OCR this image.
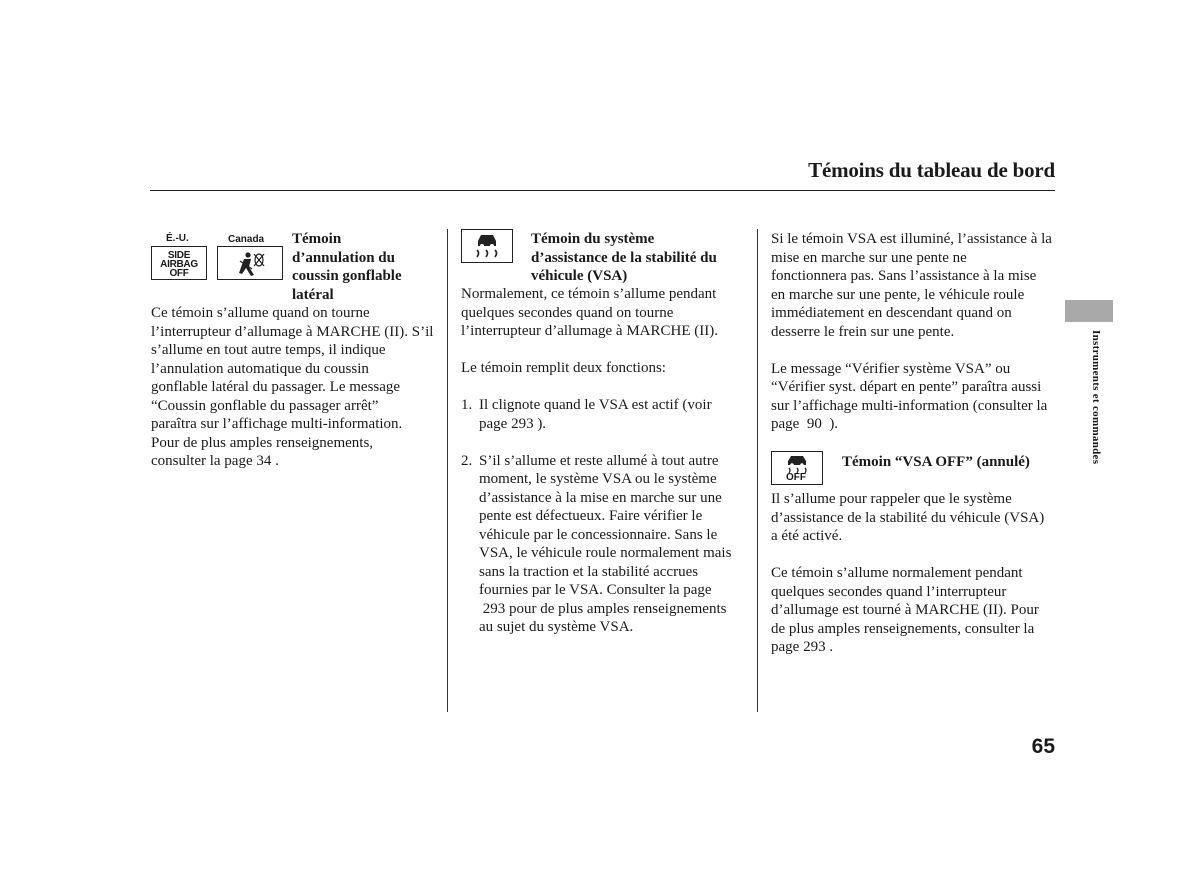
Témoins du tableau de bord
Instruments et commandes
É.-U.	Canada
SIDE
AIRBAG
OFF
Témoin
d’annulation du
coussin gonflable
latéral

Ce témoin s’allume quand on tourne

l’interrupteur d’allumage à MARCHE (II). S’il

s’allume en tout autre temps, il indique

l’annulation automatique du coussin

gonflable latéral du passager. Le message

“Coussin gonflable du passager arrêt”

paraîtra sur l’affichage multi-information.

Pour de plus amples renseignements,

consulter la page 34 .

Témoin du système
d’assistance de la stabilité du
véhicule (VSA)

Normalement, ce témoin s’allume pendant

quelques secondes quand on tourne

l’interrupteur d’allumage à MARCHE (II).

Le témoin remplit deux fonctions:

1. Il clignote quand le VSA est actif (voir

page 293 ).

2. S’il s’allume et reste allumé à tout autre

moment, le système VSA ou le système

d’assistance à la mise en marche sur une

pente est défectueux. Faire vérifier le

véhicule par le concessionnaire. Sans le

VSA, le véhicule roule normalement mais

sans la traction et la stabilité accrues

fournies par le VSA. Consulter la page

293 pour de plus amples renseignements

au sujet du système VSA.

Si le témoin VSA est illuminé, l’assistance à la

mise en marche sur une pente ne

fonctionnera pas. Sans l’assistance à la mise

en marche sur une pente, le véhicule roule

immédiatement en descendant quand on

desserre le frein sur une pente.

Le message “Vérifier système VSA” ou

“Vérifier syst. départ en pente” paraîtra aussi

sur l’affichage multi-information (consulter la

page  90  ).

OFF
Témoin “VSA OFF” (annulé)

Il s’allume pour rappeler que le système

d’assistance de la stabilité du véhicule (VSA)

a été activé.

Ce témoin s’allume normalement pendant

quelques secondes quand l’interrupteur

d’allumage est tourné à MARCHE (II). Pour

de plus amples renseignements, consulter la

page 293 .

65
